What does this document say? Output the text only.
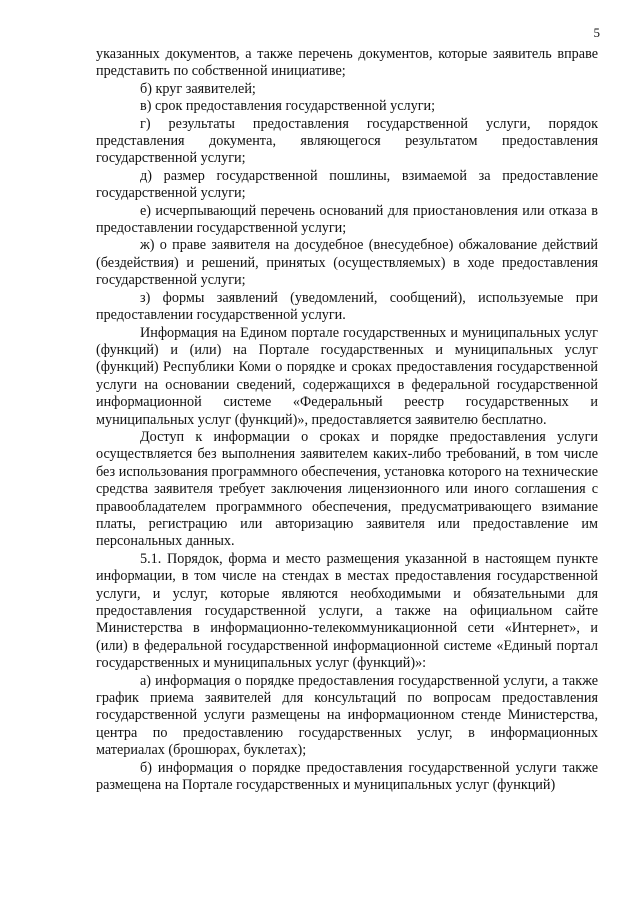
5

указанных документов, а также перечень документов, которые заявитель вправе представить по собственной инициативе;

б) круг заявителей;

в) срок предоставления государственной услуги;

г) результаты предоставления государственной услуги, порядок представления документа, являющегося результатом предоставления государственной услуги;

д) размер государственной пошлины, взимаемой за предоставление государственной услуги;

е) исчерпывающий перечень оснований для приостановления или отказа в предоставлении государственной услуги;

ж) о праве заявителя на досудебное (внесудебное) обжалование действий (бездействия) и решений, принятых (осуществляемых) в ходе предоставления государственной услуги;

з) формы заявлений (уведомлений, сообщений), используемые при предоставлении государственной услуги.

Информация на Едином портале государственных и муниципальных услуг (функций) и (или) на Портале государственных и муниципальных услуг (функций) Республики Коми о порядке и сроках предоставления государственной услуги на основании сведений, содержащихся в федеральной государственной информационной системе «Федеральный реестр государственных и муниципальных услуг (функций)», предоставляется заявителю бесплатно.

Доступ к информации о сроках и порядке предоставления услуги осуществляется без выполнения заявителем каких-либо требований, в том числе без использования программного обеспечения, установка которого на технические средства заявителя требует заключения лицензионного или иного соглашения с правообладателем программного обеспечения, предусматривающего взимание платы, регистрацию или авторизацию заявителя или предоставление им персональных данных.

5.1. Порядок, форма и место размещения указанной в настоящем пункте информации, в том числе на стендах в местах предоставления государственной услуги, и услуг, которые являются необходимыми и обязательными для предоставления государственной услуги, а также на официальном сайте Министерства в информационно-телекоммуникационной сети «Интернет», и (или) в федеральной государственной информационной системе «Единый портал государственных и муниципальных услуг (функций)»:

а) информация о порядке предоставления государственной услуги, а также график приема заявителей для консультаций по вопросам предоставления государственной услуги размещены на информационном стенде Министерства, центра по предоставлению государственных услуг, в информационных материалах (брошюрах, буклетах);

б) информация о порядке предоставления государственной услуги также размещена на Портале государственных и муниципальных услуг (функций)
